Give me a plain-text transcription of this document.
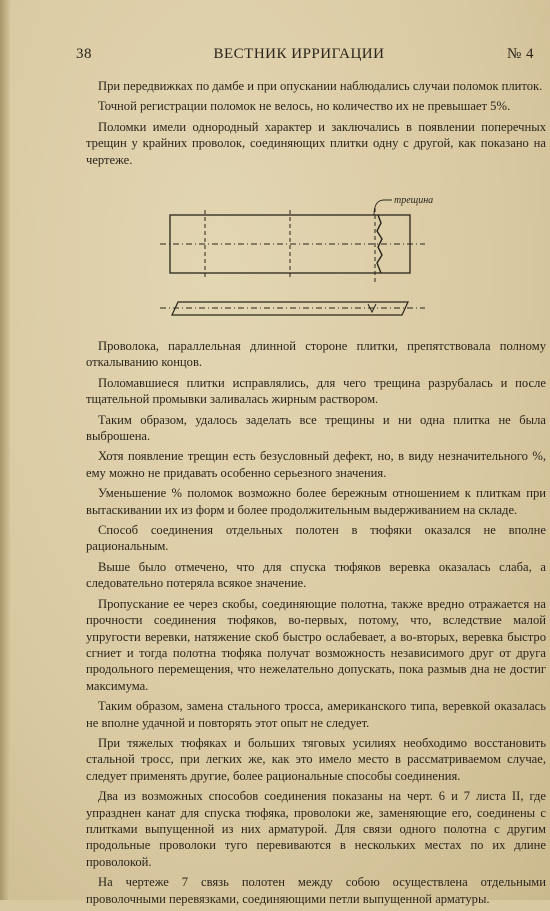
38	ВЕСТНИК ИРРИГАЦИИ	№ 4

При передвижках по дамбе и при опускании наблюдались случаи поломок плиток.

Точной регистрации поломок не велось, но количество их не превышает 5%.

Поломки имели однородный характер и заключались в появлении поперечных трещин у крайних проволок, соединяющих плитки одну с другой, как показано на чертеже.

трещина

Проволока, параллельная длинной стороне плитки, препятствовала полному откалыванию концов.

Поломавшиеся плитки исправлялись, для чего трещина разрубалась и после тщательной промывки заливалась жирным раствором.

Таким образом, удалось заделать все трещины и ни одна плитка не была выброшена.

Хотя появление трещин есть безусловный дефект, но, в виду незначительного %, ему можно не придавать особенно серьезного значения.

Уменьшение % поломок возможно более бережным отношением к плиткам при вытаскивании их из форм и более продолжительным выдерживанием на складе.

Способ соединения отдельных полотен в тюфяки оказался не вполне рациональным.

Выше было отмечено, что для спуска тюфяков веревка оказалась слаба, а следовательно потеряла всякое значение.

Пропускание ее через скобы, соединяющие полотна, также вредно отражается на прочности соединения тюфяков, во-первых, потому, что, вследствие малой упругости веревки, натяжение скоб быстро ослабевает, а во-вторых, веревка быстро сгниет и тогда полотна тюфяка получат возможность независимого друг от друга продольного перемещения, что нежелательно допускать, пока размыв дна не достиг максимума.

Таким образом, замена стального тросса, американского типа, веревкой оказалась не вполне удачной и повторять этот опыт не следует.

При тяжелых тюфяках и больших тяговых усилиях необходимо восстановить стальной тросс, при легких же, как это имело место в рассматриваемом случае, следует применять другие, более рациональные способы соединения.

Два из возможных способов соединения показаны на черт. 6 и 7 листа II, где упразднен канат для спуска тюфяка, проволоки же, заменяющие его, соединены с плитками выпущенной из них арматурой. Для связи одного полотна с другим продольные проволоки туго перевиваются в нескольких местах по их длине проволокой.

На чертеже 7 связь полотен между собою осуществлена отдельными проволочными перевязками, соединяющими петли выпущенной арматуры.
